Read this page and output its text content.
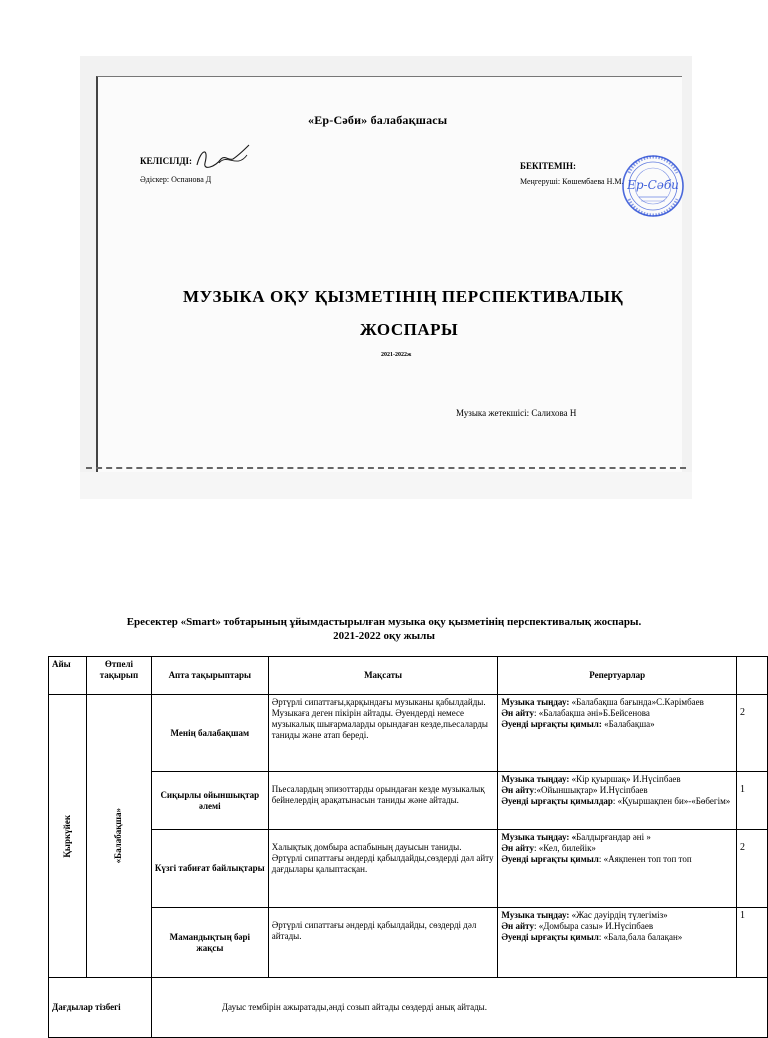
«Ер-Сәби» балабақшасы
КЕЛІСІЛДІ:
Әдіскер: Оспанова Д
БЕКІТЕМІН:
Меңгеруші: Көшембаева Н.М. Ер-Сәби
МУЗЫКА ОҚУ ҚЫЗМЕТІНІҢ ПЕРСПЕКТИВАЛЫҚ
ЖОСПАРЫ
2021-2022ж
Музыка жетекшісі: Салихова Н
Ересектер «Smart» тобтарының ұйымдастырылған музыка оқу қызметінің перспективалық жоспары.
2021-2022 оқу жылы
Айы	Өтпелі тақырып	Апта тақырыптары	Мақсаты	Репертуарлар	

Қыркүйек	«Балабақша»	Менің балабақшам	Әртүрлі сипаттағы,қарқындағы музыканы қабылдайды. Музыкаға деген пікірін айтады. Әуендерді немесе музыкалық шығармаларды орындаған кезде,пьесаларды таниды және атап береді.	Музыка тыңдау: «Балабақша бағында»С.Кәрімбаев
Ән айту: «Балабақша әні»Б.Бейсенова
Әуенді ырғақты қимыл: «Балабақша»	2
		Сиқырлы ойыншықтар әлемі	Пьесалардың эпизоттарды орындаған кезде музыкалық бейнелердің арақатынасын таниды және айтады.	Музыка тыңдау: «Кір қуыршақ» И.Нүсіпбаев
Ән айту:«Ойыншықтар» И.Нүсіпбаев
Әуенді ырғақты қимылдар: «Қуыршақпен би»-«Бөбегім»	1
		Күзгі табиғат байлықтары	Халықтық домбыра аспабының дауысын таниды.
Әртүрлі сипаттағы әндерді қабылдайды,сөздерді дәл айту дағдылары қалыптасқан.	Музыка тыңдау: «Балдырғандар әні »
Ән айту: «Кел, билейік»
Әуенді ырғақты қимыл: «Аяқпенен топ топ топ	2
		Мамандықтың бәрі жақсы	Әртүрлі сипаттағы әндерді қабылдайды, сөздерді дәл айтады.	Музыка тыңдау: «Жас дәуірдің түлегіміз»
Ән айту: «Домбыра сазы» И.Нүсіпбаев
Әуенді ырғақты қимыл: «Бала,бала балақан»	1
Дағдылар тізбегі		Дауыс тембірін ажыратады,әнді созып айтады сөздерді анық айтады.			
